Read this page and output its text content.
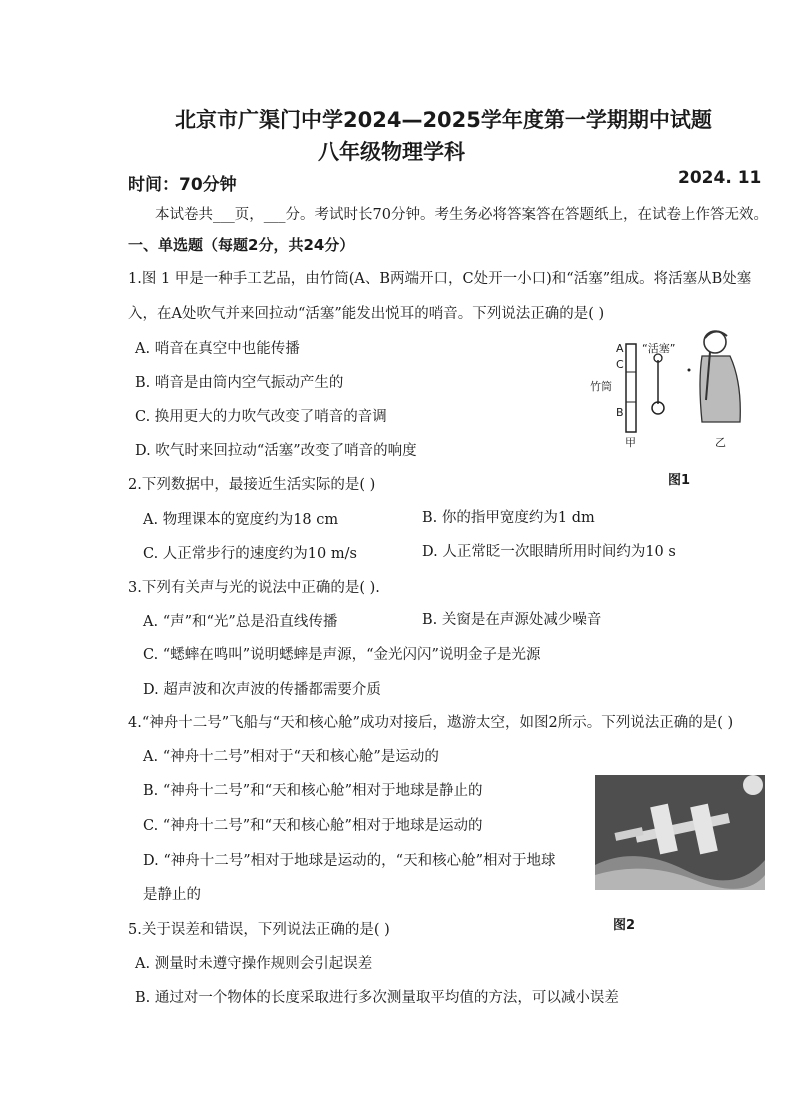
北京市广渠门中学2024—2025学年度第一学期期中试题
八年级物理学科
时间：70分钟	2024. 11
本试卷共___页，___分。考试时长70分钟。考生务必将答案答在答题纸上，在试卷上作答无效。
一、单选题（每题2分，共24分）
1.图 1 甲是一种手工艺品，由竹筒(A、B两端开口，C处开一小口)和“活塞”组成。将活塞从B处塞
入，在A处吹气并来回拉动“活塞”能发出悦耳的哨音。下列说法正确的是( )
A. 哨音在真空中也能传播
B. 哨音是由筒内空气振动产生的
C. 换用更大的力吹气改变了哨音的音调
D. 吹气时来回拉动“活塞”改变了哨音的响度
A
C
竹筒
B
“活塞”
甲	乙
图1
2.下列数据中，最接近生活实际的是( )
A. 物理课本的宽度约为18 cm	B. 你的指甲宽度约为1 dm
C. 人正常步行的速度约为10 m/s	D. 人正常眨一次眼睛所用时间约为10 s
3.下列有关声与光的说法中正确的是( ).
A. “声”和“光”总是沿直线传播	B. 关窗是在声源处减少噪音
C. “蟋蟀在鸣叫”说明蟋蟀是声源，“金光闪闪”说明金子是光源
D. 超声波和次声波的传播都需要介质
4.“神舟十二号”飞船与“天和核心舱”成功对接后，遨游太空，如图2所示。下列说法正确的是( )
A. “神舟十二号”相对于“天和核心舱”是运动的
B. “神舟十二号”和“天和核心舱”相对于地球是静止的
C. “神舟十二号”和“天和核心舱”相对于地球是运动的
D. “神舟十二号”相对于地球是运动的，“天和核心舱”相对于地球
是静止的
图2
5.关于误差和错误，下列说法正确的是( )
A. 测量时未遵守操作规则会引起误差
B. 通过对一个物体的长度采取进行多次测量取平均值的方法，可以减小误差
